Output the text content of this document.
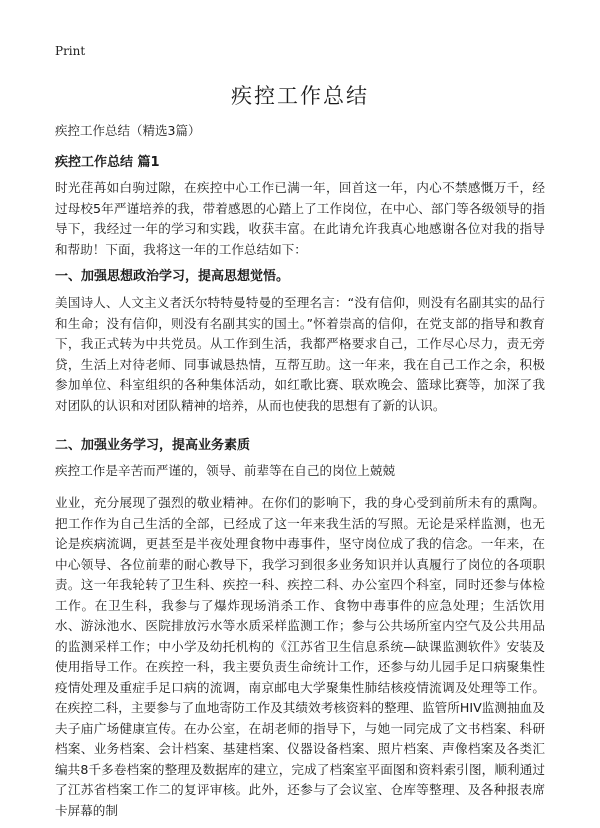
Print
疾控工作总结

疾控工作总结（精选3篇）

疾控工作总结 篇1

时光荏苒如白驹过隙，在疾控中心工作已满一年，回首这一年，内心不禁感慨万千，经过母校5年严谨培养的我，带着感恩的心踏上了工作岗位，在中心、部门等各级领导的指导下，我经过一年的学习和实践，收获丰富。在此请允许我真心地感谢各位对我的指导和帮助！下面，我将这一年的工作总结如下：

一、加强思想政治学习，提高思想觉悟。

美国诗人、人文主义者沃尔特特曼特曼的至理名言：“没有信仰，则没有名副其实的品行和生命；没有信仰，则没有名副其实的国土。”怀着崇高的信仰，在党支部的指导和教育下，我正式转为中共党员。从工作到生活，我都严格要求自己，工作尽心尽力，责无旁贷，生活上对待老师、同事诚恳热情，互帮互助。这一年来，我在自己工作之余，积极参加单位、科室组织的各种集体活动，如红歌比赛、联欢晚会、篮球比赛等，加深了我对团队的认识和对团队精神的培养，从而也使我的思想有了新的认识。

二、加强业务学习，提高业务素质

疾控工作是辛苦而严谨的，领导、前辈等在自己的岗位上兢兢

业业，充分展现了强烈的敬业精神。在你们的影响下，我的身心受到前所未有的熏陶。把工作作为自己生活的全部，已经成了这一年来我生活的写照。无论是采样监测，也无论是疾病流调，更甚至是半夜处理食物中毒事件，坚守岗位成了我的信念。一年来，在中心领导、各位前辈的耐心教导下，我学习到很多业务知识并认真履行了岗位的各项职责。这一年我轮转了卫生科、疾控一科、疾控二科、办公室四个科室，同时还参与体检工作。在卫生科，我参与了爆炸现场消杀工作、食物中毒事件的应急处理；生活饮用水、游泳池水、医院排放污水等水质采样监测工作；参与公共场所室内空气及公共用品的监测采样工作；中小学及幼托机构的《江苏省卫生信息系统—缺课监测软件》安装及使用指导工作。在疾控一科，我主要负责生命统计工作，还参与幼儿园手足口病聚集性疫情处理及重症手足口病的流调，南京邮电大学聚集性肺结核疫情流调及处理等工作。在疾控二科，主要参与了血地寄防工作及其绩效考核资料的整理、监管所HIV监测抽血及夫子庙广场健康宣传。在办公室，在胡老师的指导下，与她一同完成了文书档案、科研档案、业务档案、会计档案、基建档案、仪器设备档案、照片档案、声像档案及各类汇编共8千多卷档案的整理及数据库的建立，完成了档案室平面图和资料索引图，顺利通过了江苏省档案工作二的复评审核。此外，还参与了会议室、仓库等整理、及各种报表席卡屏幕的制
